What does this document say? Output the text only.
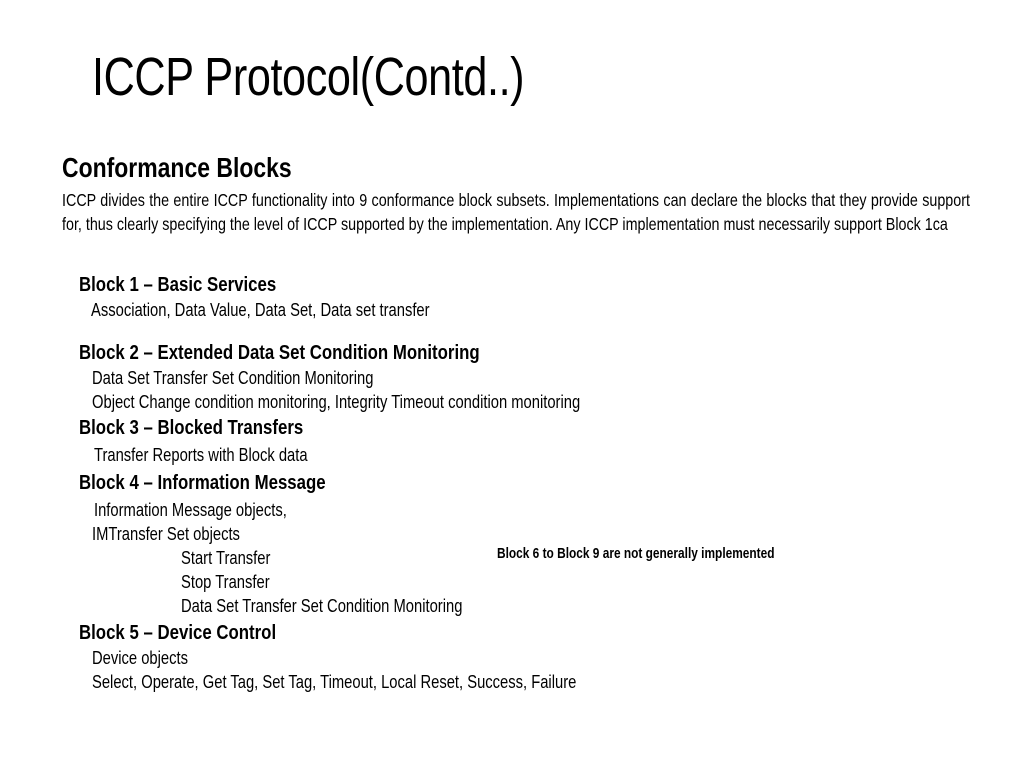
ICCP Protocol(Contd..)
Conformance Blocks
ICCP divides the entire ICCP functionality into 9 conformance block subsets. Implementations can declare the blocks that they provide support for, thus clearly specifying the level of ICCP supported by the implementation. Any ICCP implementation must necessarily support Block 1ca
Block 1 – Basic Services
Association, Data Value, Data Set, Data set transfer
Block 2 – Extended Data Set Condition Monitoring
Data Set Transfer Set Condition Monitoring
Object Change condition monitoring, Integrity Timeout condition monitoring
Block 3 – Blocked Transfers
Transfer Reports with Block data
Block 4 – Information Message
Information Message objects,
IMTransfer Set objects
Start Transfer
Stop Transfer
Data Set Transfer Set Condition Monitoring
Block 5 – Device Control
Device objects
Select, Operate, Get Tag, Set Tag, Timeout, Local Reset, Success, Failure
Block 6 to Block 9 are not generally implemented
